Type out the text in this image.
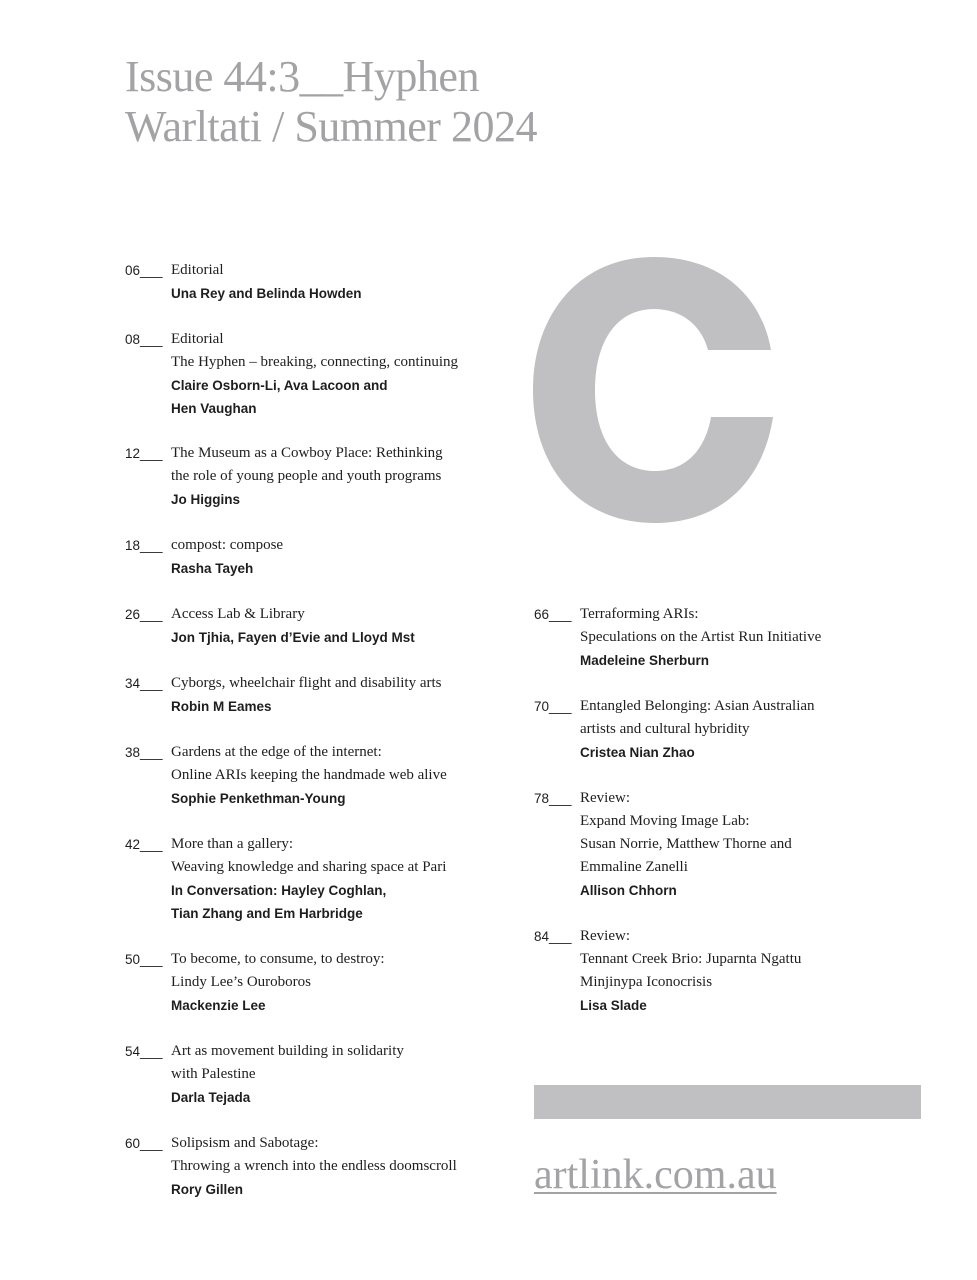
Issue 44:3__Hyphen
Warltati / Summer 2024
06___ Editorial
Una Rey and Belinda Howden
08___ Editorial
The Hyphen – breaking, connecting, continuing
Claire Osborn-Li, Ava Lacoon and
Hen Vaughan
12___ The Museum as a Cowboy Place: Rethinking
the role of young people and youth programs
Jo Higgins
18___ compost: compose
Rasha Tayeh
26___ Access Lab & Library
Jon Tjhia, Fayen d’Evie and Lloyd Mst
34___ Cyborgs, wheelchair flight and disability arts
Robin M Eames
38___ Gardens at the edge of the internet:
Online ARIs keeping the handmade web alive
Sophie Penkethman-Young
42___ More than a gallery:
Weaving knowledge and sharing space at Pari
In Conversation: Hayley Coghlan,
Tian Zhang and Em Harbridge
50___ To become, to consume, to destroy:
Lindy Lee’s Ouroboros
Mackenzie Lee
54___ Art as movement building in solidarity
with Palestine
Darla Tejada
60___ Solipsism and Sabotage:
Throwing a wrench into the endless doomscroll
Rory Gillen
66___ Terraforming ARIs:
Speculations on the Artist Run Initiative
Madeleine Sherburn
70___ Entangled Belonging: Asian Australian
artists and cultural hybridity
Cristea Nian Zhao
78___ Review:
Expand Moving Image Lab:
Susan Norrie, Matthew Thorne and
Emmaline Zanelli
Allison Chhorn
84___ Review:
Tennant Creek Brio: Juparnta Ngattu
Minjinypa Iconocrisis
Lisa Slade
artlink.com.au
